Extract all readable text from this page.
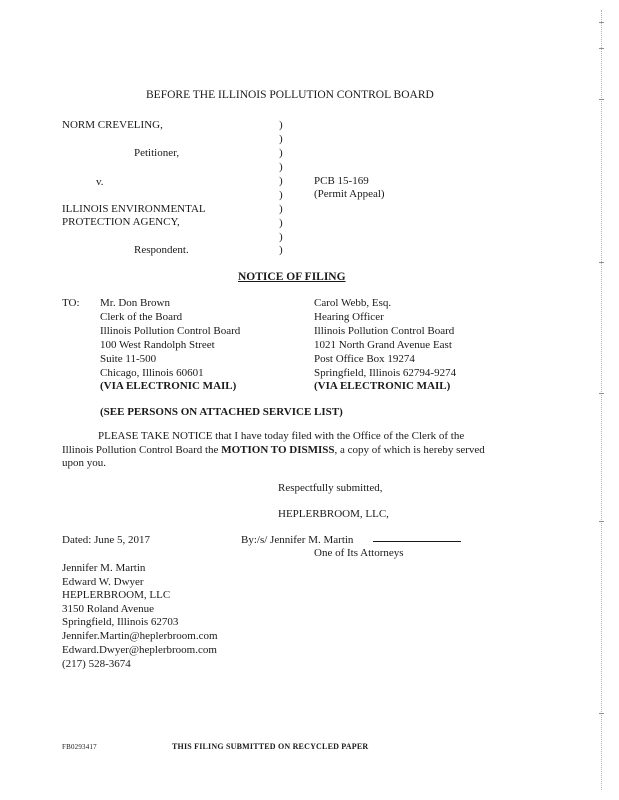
BEFORE THE ILLINOIS POLLUTION CONTROL BOARD
NORM CREVELING,
Petitioner,
v.
ILLINOIS ENVIRONMENTAL
PROTECTION AGENCY,
Respondent.
)
)
)
)
)
)
)
)
)
)
PCB 15-169
(Permit Appeal)
NOTICE OF FILING
TO: Mr. Don Brown
Clerk of the Board
Illinois Pollution Control Board
100 West Randolph Street
Suite 11-500
Chicago, Illinois 60601
(VIA ELECTRONIC MAIL)
Carol Webb, Esq.
Hearing Officer
Illinois Pollution Control Board
1021 North Grand Avenue East
Post Office Box 19274
Springfield, Illinois 62794-9274
(VIA ELECTRONIC MAIL)
(SEE PERSONS ON ATTACHED SERVICE LIST)
PLEASE TAKE NOTICE that I have today filed with the Office of the Clerk of the
Illinois Pollution Control Board the MOTION TO DISMISS, a copy of which is hereby served
upon you.
Respectfully submitted,
HEPLERBROOM, LLC,
Dated: June 5, 2017	By:/s/ Jennifer M. Martin
One of Its Attorneys
Jennifer M. Martin
Edward W. Dwyer
HEPLERBROOM, LLC
3150 Roland Avenue
Springfield, Illinois 62703
Jennifer.Martin@heplerbroom.com
Edward.Dwyer@heplerbroom.com
(217) 528-3674
FB0293417	THIS FILING SUBMITTED ON RECYCLED PAPER
